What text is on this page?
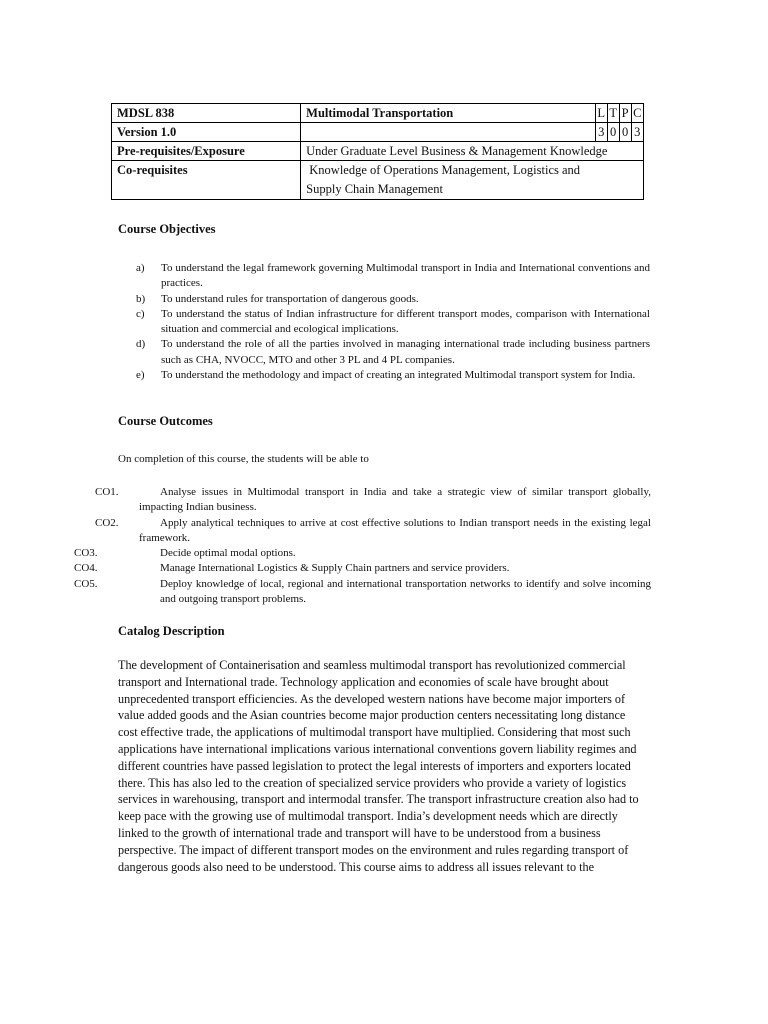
MDSL 838	Multimodal Transportation	L	T	P	C
Version 1.0		3	0	0	3
Pre-requisites/Exposure	Under Graduate Level Business & Management Knowledge				
Co-requisites	Knowledge of Operations Management, Logistics and Supply Chain Management				
Course Objectives
a)	To understand the legal framework governing Multimodal transport in India and International conventions and practices.
b)	To understand rules for transportation of dangerous goods.
c)	To understand the status of Indian infrastructure for different transport modes, comparison with International situation and commercial and ecological implications.
d)	To understand the role of all the parties involved in managing international trade including business partners such as CHA, NVOCC, MTO and other 3 PL and 4 PL companies.
e)	To understand the methodology and impact of creating an integrated Multimodal transport system for India.
Course Outcomes
On completion of this course, the students will be able to
CO1.	Analyse issues in Multimodal transport in India and take a strategic view of similar transport globally, impacting Indian business.
CO2.	Apply analytical techniques to arrive at cost effective solutions to Indian transport needs in the existing legal framework.
CO3.	Decide optimal modal options.
CO4.	Manage International Logistics & Supply Chain partners and service providers.
CO5.	Deploy knowledge of local, regional and international transportation networks to identify and solve incoming and outgoing transport problems.
Catalog Description

The development of Containerisation and seamless multimodal transport has revolutionized commercial transport and International trade. Technology application and economies of scale have brought about unprecedented transport efficiencies. As the developed western nations have become major importers of value added goods and the Asian countries become major production centers necessitating long distance cost effective trade, the applications of multimodal transport have multiplied. Considering that most such applications have international implications various international conventions govern liability regimes and different countries have passed legislation to protect the legal interests of importers and exporters located there. This has also led to the creation of specialized service providers who provide a variety of logistics services in warehousing, transport and intermodal transfer. The transport infrastructure creation also had to keep pace with the growing use of multimodal transport. India’s development needs which are directly linked to the growth of international trade and transport will have to be understood from a business perspective. The impact of different transport modes on the environment and rules regarding transport of dangerous goods also need to be understood. This course aims to address all issues relevant to the
